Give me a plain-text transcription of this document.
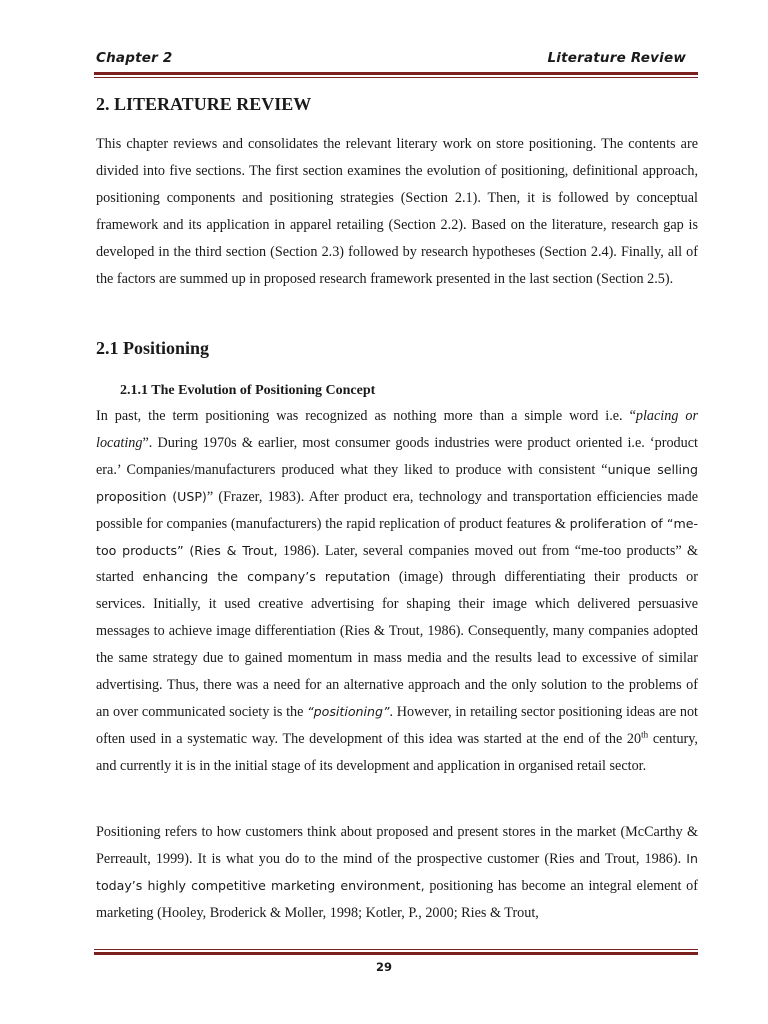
Chapter 2	Literature Review
2. LITERATURE REVIEW

This chapter reviews and consolidates the relevant literary work on store positioning. The contents are divided into five sections. The first section examines the evolution of positioning, definitional approach, positioning components and positioning strategies (Section 2.1). Then, it is followed by conceptual framework and its application in apparel retailing (Section 2.2). Based on the literature, research gap is developed in the third section (Section 2.3) followed by research hypotheses (Section 2.4). Finally, all of the factors are summed up in proposed research framework presented in the last section (Section 2.5).

2.1 Positioning
2.1.1 The Evolution of Positioning Concept

In past, the term positioning was recognized as nothing more than a simple word i.e. “placing or locating”. During 1970s & earlier, most consumer goods industries were product oriented i.e. ‘product era.’ Companies/manufacturers produced what they liked to produce with consistent “unique selling proposition (USP)” (Frazer, 1983). After product era, technology and transportation efficiencies made possible for companies (manufacturers) the rapid replication of product features & proliferation of “me-too products” (Ries & Trout, 1986). Later, several companies moved out from “me-too products” & started enhancing the company’s reputation (image) through differentiating their products or services. Initially, it used creative advertising for shaping their image which delivered persuasive messages to achieve image differentiation (Ries & Trout, 1986). Consequently, many companies adopted the same strategy due to gained momentum in mass media and the results lead to excessive of similar advertising. Thus, there was a need for an alternative approach and the only solution to the problems of an over communicated society is the “positioning”. However, in retailing sector positioning ideas are not often used in a systematic way. The development of this idea was started at the end of the 20th century, and currently it is in the initial stage of its development and application in organised retail sector.

Positioning refers to how customers think about proposed and present stores in the market (McCarthy & Perreault, 1999). It is what you do to the mind of the prospective customer (Ries and Trout, 1986). In today’s highly competitive marketing environment, positioning has become an integral element of marketing (Hooley, Broderick & Moller, 1998; Kotler, P., 2000; Ries & Trout,

29
